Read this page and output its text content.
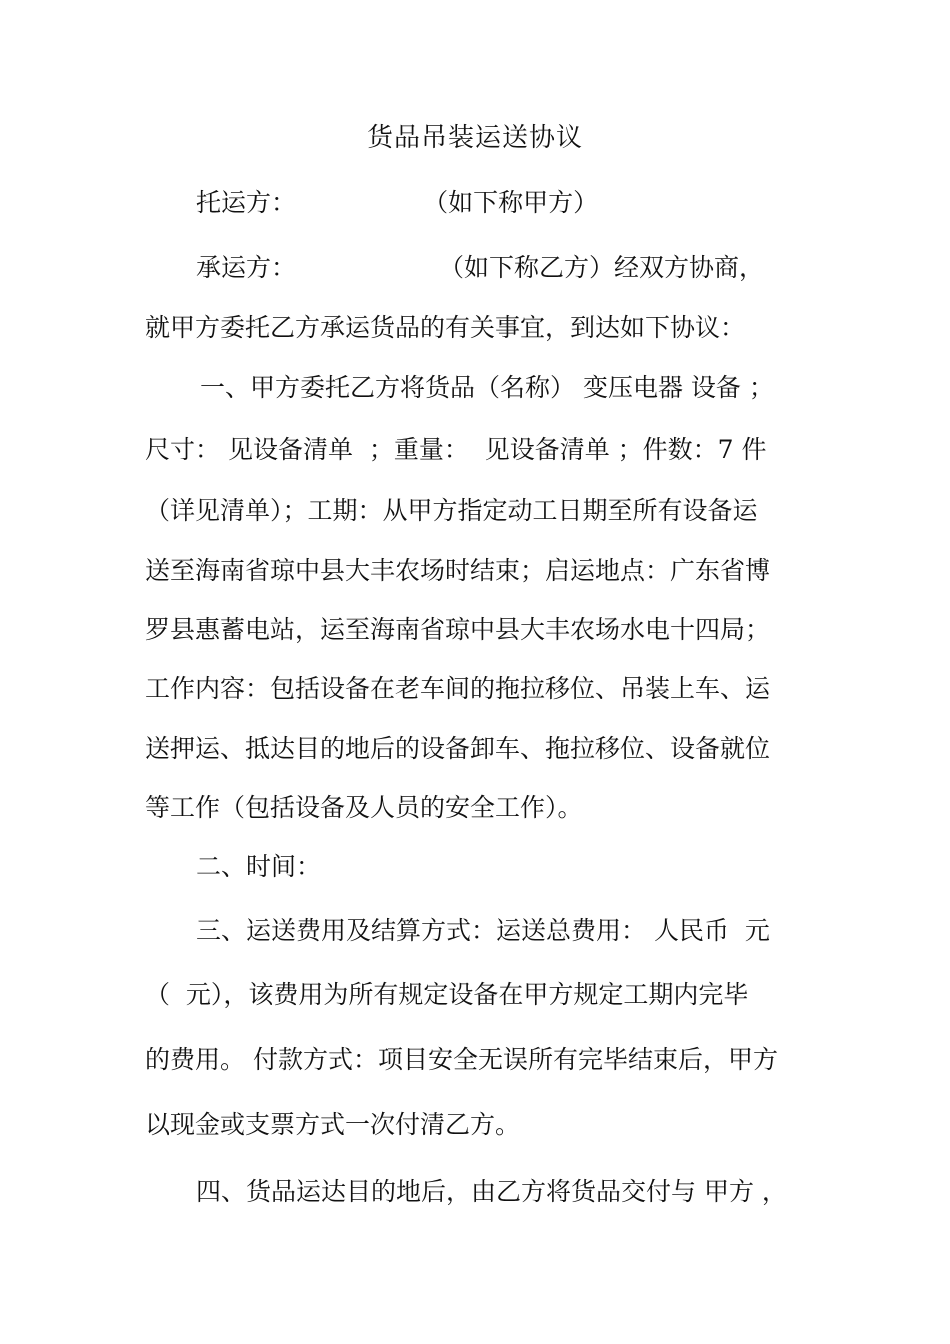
货品吊装运送协议
托运方：                （如下称甲方）
承运方：                  （如下称乙方）经双方协商，
就甲方委托乙方承运货品的有关事宜，到达如下协议：
一、甲方委托乙方将货品（名称） 变压电器 设备 ；
尺寸： 见设备清单  ；重量：  见设备清单 ；件数：7 件
（详见清单）；工期：从甲方指定动工日期至所有设备运
送至海南省琼中县大丰农场时结束；启运地点：广东省博
罗县惠蓄电站，运至海南省琼中县大丰农场水电十四局；
工作内容：包括设备在老车间的拖拉移位、吊装上车、运
送押运、抵达目的地后的设备卸车、拖拉移位、设备就位
等工作（包括设备及人员的安全工作）。
二、时间：
三、运送费用及结算方式：运送总费用： 人民币  元
（  元），该费用为所有规定设备在甲方规定工期内完毕
的费用。 付款方式：项目安全无误所有完毕结束后，甲方
以现金或支票方式一次付清乙方。
四、货品运达目的地后，由乙方将货品交付与 甲方 ，
